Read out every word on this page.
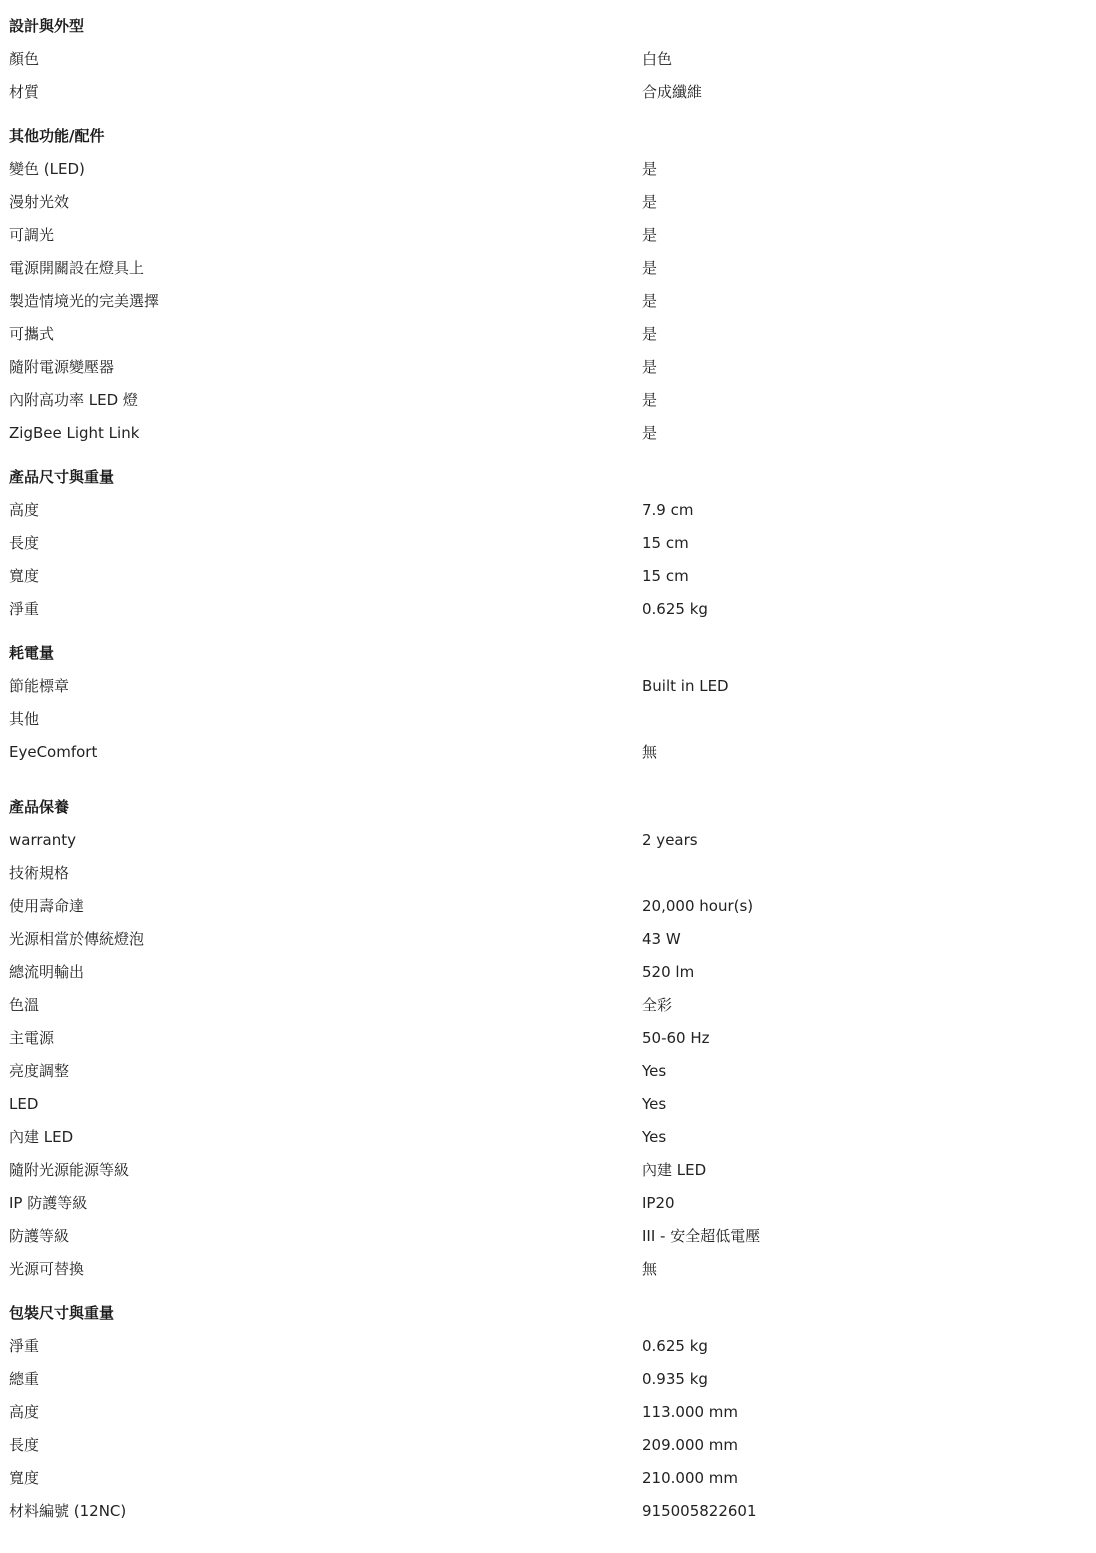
設計與外型
顏色	白色
材質	合成纖維
其他功能/配件
變色 (LED)	是
漫射光效	是
可調光	是
電源開關設在燈具上	是
製造情境光的完美選擇	是
可攜式	是
隨附電源變壓器	是
內附高功率 LED 燈	是
ZigBee Light Link	是
產品尺寸與重量
高度	7.9 cm
長度	15 cm
寬度	15 cm
淨重	0.625 kg
耗電量
節能標章	Built in LED
其他
EyeComfort	無
產品保養
warranty	2 years
技術規格
使用壽命達	20,000 hour(s)
光源相當於傳統燈泡	43 W
總流明輸出	520 lm
色溫	全彩
主電源	50-60 Hz
亮度調整	Yes
LED	Yes
內建 LED	Yes
隨附光源能源等級	內建 LED
IP 防護等級	IP20
防護等級	III - 安全超低電壓
光源可替換	無
包裝尺寸與重量
淨重	0.625 kg
總重	0.935 kg
高度	113.000 mm
長度	209.000 mm
寬度	210.000 mm
材料編號 (12NC)	915005822601
